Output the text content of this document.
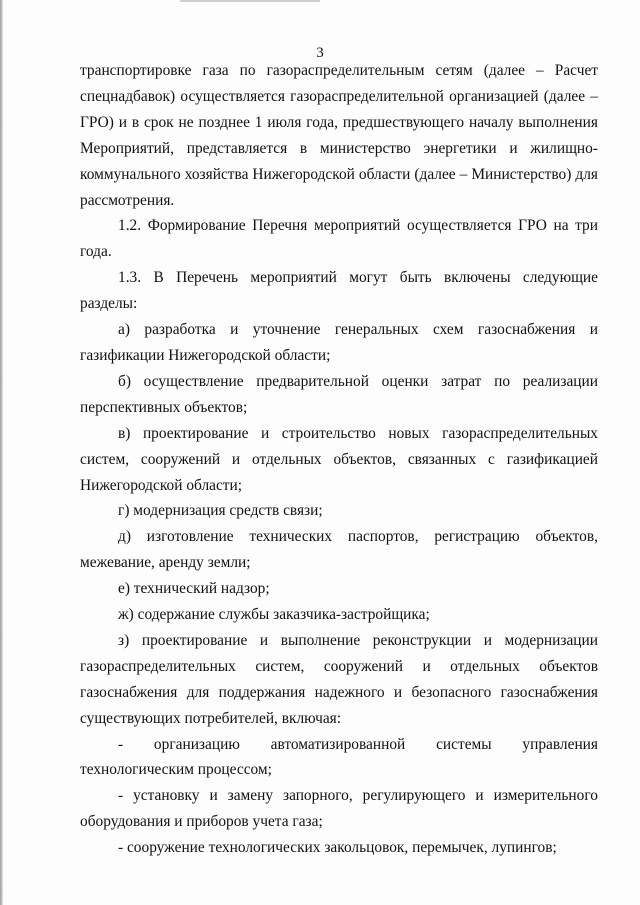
3

транспортировке газа по газораспределительным сетям (далее – Расчет спецнадбавок) осуществляется газораспределительной организацией (далее – ГРО) и в срок не позднее 1 июля года, предшествующего началу выполнения Мероприятий, представляется в министерство энергетики и жилищно-коммунального хозяйства Нижегородской области (далее – Министерство) для рассмотрения.

1.2. Формирование Перечня мероприятий осуществляется ГРО на три года.

1.3. В Перечень мероприятий могут быть включены следующие разделы:

а) разработка и уточнение генеральных схем газоснабжения и газификации Нижегородской области;

б) осуществление предварительной оценки затрат по реализации перспективных объектов;

в) проектирование и строительство новых газораспределительных систем, сооружений и отдельных объектов, связанных с газификацией Нижегородской области;

г) модернизация средств связи;

д) изготовление технических паспортов, регистрацию объектов, межевание, аренду земли;

е) технический надзор;

ж) содержание службы заказчика-застройщика;

з) проектирование и выполнение реконструкции и модернизации газораспределительных систем, сооружений и отдельных объектов газоснабжения для поддержания надежного и безопасного газоснабжения существующих потребителей, включая:

- организацию автоматизированной системы управления технологическим процессом;

- установку и замену запорного, регулирующего и измерительного оборудования и приборов учета газа;

- сооружение технологических закольцовок, перемычек, лупингов;
